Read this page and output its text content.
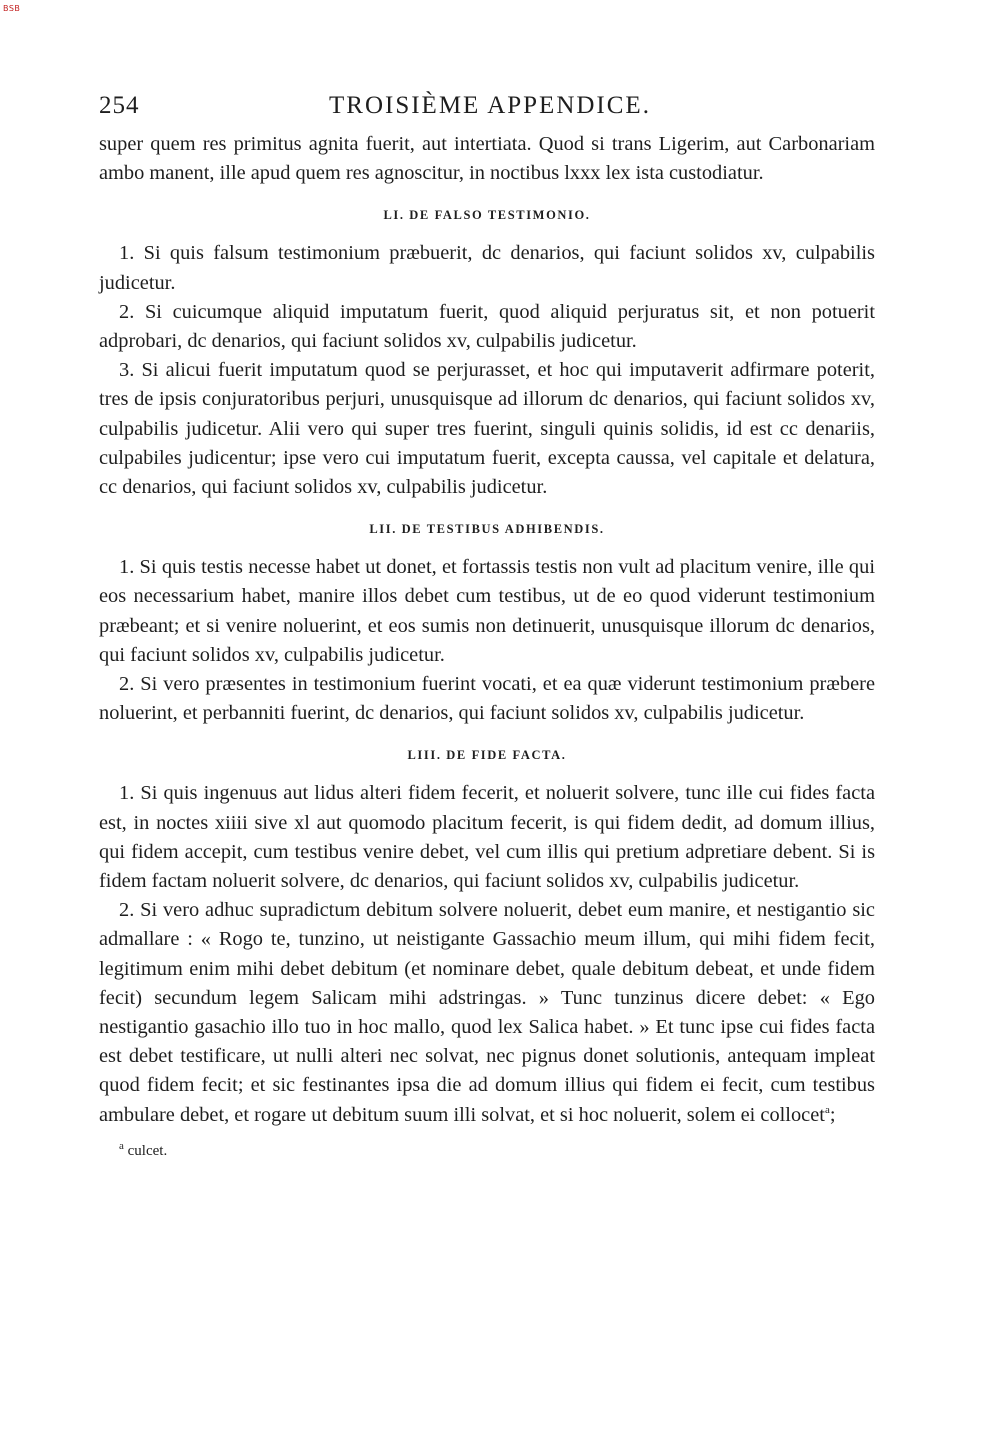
BSB
254	TROISIÈME APPENDICE.

super quem res primitus agnita fuerit, aut intertiata. Quod si trans Ligerim, aut Carbonariam ambo manent, ille apud quem res agnoscitur, in noctibus lxxx lex ista custodiatur.

LI. DE FALSO TESTIMONIO.

1. Si quis falsum testimonium præbuerit, dc denarios, qui faciunt solidos xv, culpabilis judicetur.

2. Si cuicumque aliquid imputatum fuerit, quod aliquid perjuratus sit, et non potuerit adprobari, dc denarios, qui faciunt solidos xv, culpabilis judicetur.

3. Si alicui fuerit imputatum quod se perjurasset, et hoc qui imputaverit adfirmare poterit, tres de ipsis conjuratoribus perjuri, unusquisque ad illorum dc denarios, qui faciunt solidos xv, culpabilis judicetur. Alii vero qui super tres fuerint, singuli quinis solidis, id est cc denariis, culpabiles judicentur; ipse vero cui imputatum fuerit, excepta caussa, vel capitale et delatura, cc denarios, qui faciunt solidos xv, culpabilis judicetur.

LII. DE TESTIBUS ADHIBENDIS.

1. Si quis testis necesse habet ut donet, et fortassis testis non vult ad placitum venire, ille qui eos necessarium habet, manire illos debet cum testibus, ut de eo quod viderunt testimonium præbeant; et si venire noluerint, et eos sumis non detinuerit, unusquisque illorum dc denarios, qui faciunt solidos xv, culpabilis judicetur.

2. Si vero præsentes in testimonium fuerint vocati, et ea quæ viderunt testimonium præbere noluerint, et perbanniti fuerint, dc denarios, qui faciunt solidos xv, culpabilis judicetur.

LIII. DE FIDE FACTA.

1. Si quis ingenuus aut lidus alteri fidem fecerit, et noluerit solvere, tunc ille cui fides facta est, in noctes xiiii sive xl aut quomodo placitum fecerit, is qui fidem dedit, ad domum illius, qui fidem accepit, cum testibus venire debet, vel cum illis qui pretium adpretiare debent. Si is fidem factam noluerit solvere, dc denarios, qui faciunt solidos xv, culpabilis judicetur.

2. Si vero adhuc supradictum debitum solvere noluerit, debet eum manire, et nestigantio sic admallare : « Rogo te, tunzino, ut neistigante Gassachio meum illum, qui mihi fidem fecit, legitimum enim mihi debet debitum (et nominare debet, quale debitum debeat, et unde fidem fecit) secundum legem Salicam mihi adstringas. » Tunc tunzinus dicere debet: « Ego nestigantio gasachio illo tuo in hoc mallo, quod lex Salica habet. » Et tunc ipse cui fides facta est debet testificare, ut nulli alteri nec solvat, nec pignus donet solutionis, antequam impleat quod fidem fecit; et sic festinantes ipsa die ad domum illius qui fidem ei fecit, cum testibus ambulare debet, et rogare ut debitum suum illi solvat, et si hoc noluerit, solem ei collocet$^a$;

$^a$ culcet.
